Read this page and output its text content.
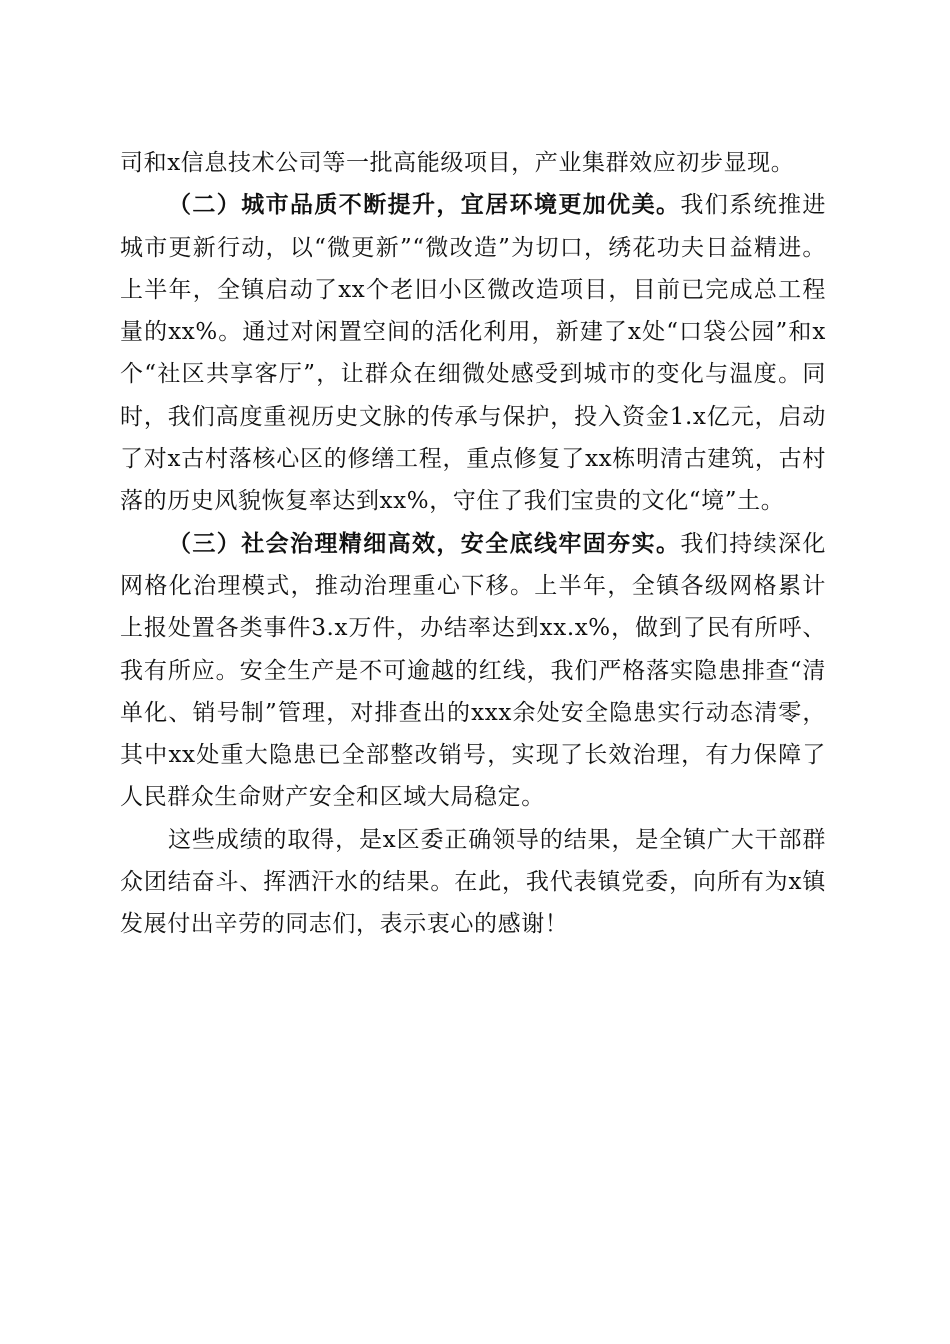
司和x信息技术公司等一批高能级项目，产业集群效应初步显现。

（二）城市品质不断提升，宜居环境更加优美。我们系统推进城市更新行动，以“微更新”“微改造”为切口，绣花功夫日益精进。上半年，全镇启动了xx个老旧小区微改造项目，目前已完成总工程量的xx%。通过对闲置空间的活化利用，新建了x处“口袋公园”和x个“社区共享客厅”，让群众在细微处感受到城市的变化与温度。同时，我们高度重视历史文脉的传承与保护，投入资金1.x亿元，启动了对x古村落核心区的修缮工程，重点修复了xx栋明清古建筑，古村落的历史风貌恢复率达到xx%，守住了我们宝贵的文化“境”土。

（三）社会治理精细高效，安全底线牢固夯实。我们持续深化网格化治理模式，推动治理重心下移。上半年，全镇各级网格累计上报处置各类事件3.x万件，办结率达到xx.x%，做到了民有所呼、我有所应。安全生产是不可逾越的红线，我们严格落实隐患排查“清单化、销号制”管理，对排查出的xxx余处安全隐患实行动态清零，其中xx处重大隐患已全部整改销号，实现了长效治理，有力保障了人民群众生命财产安全和区域大局稳定。

这些成绩的取得，是x区委正确领导的结果，是全镇广大干部群众团结奋斗、挥洒汗水的结果。在此，我代表镇党委，向所有为x镇发展付出辛劳的同志们，表示衷心的感谢！
